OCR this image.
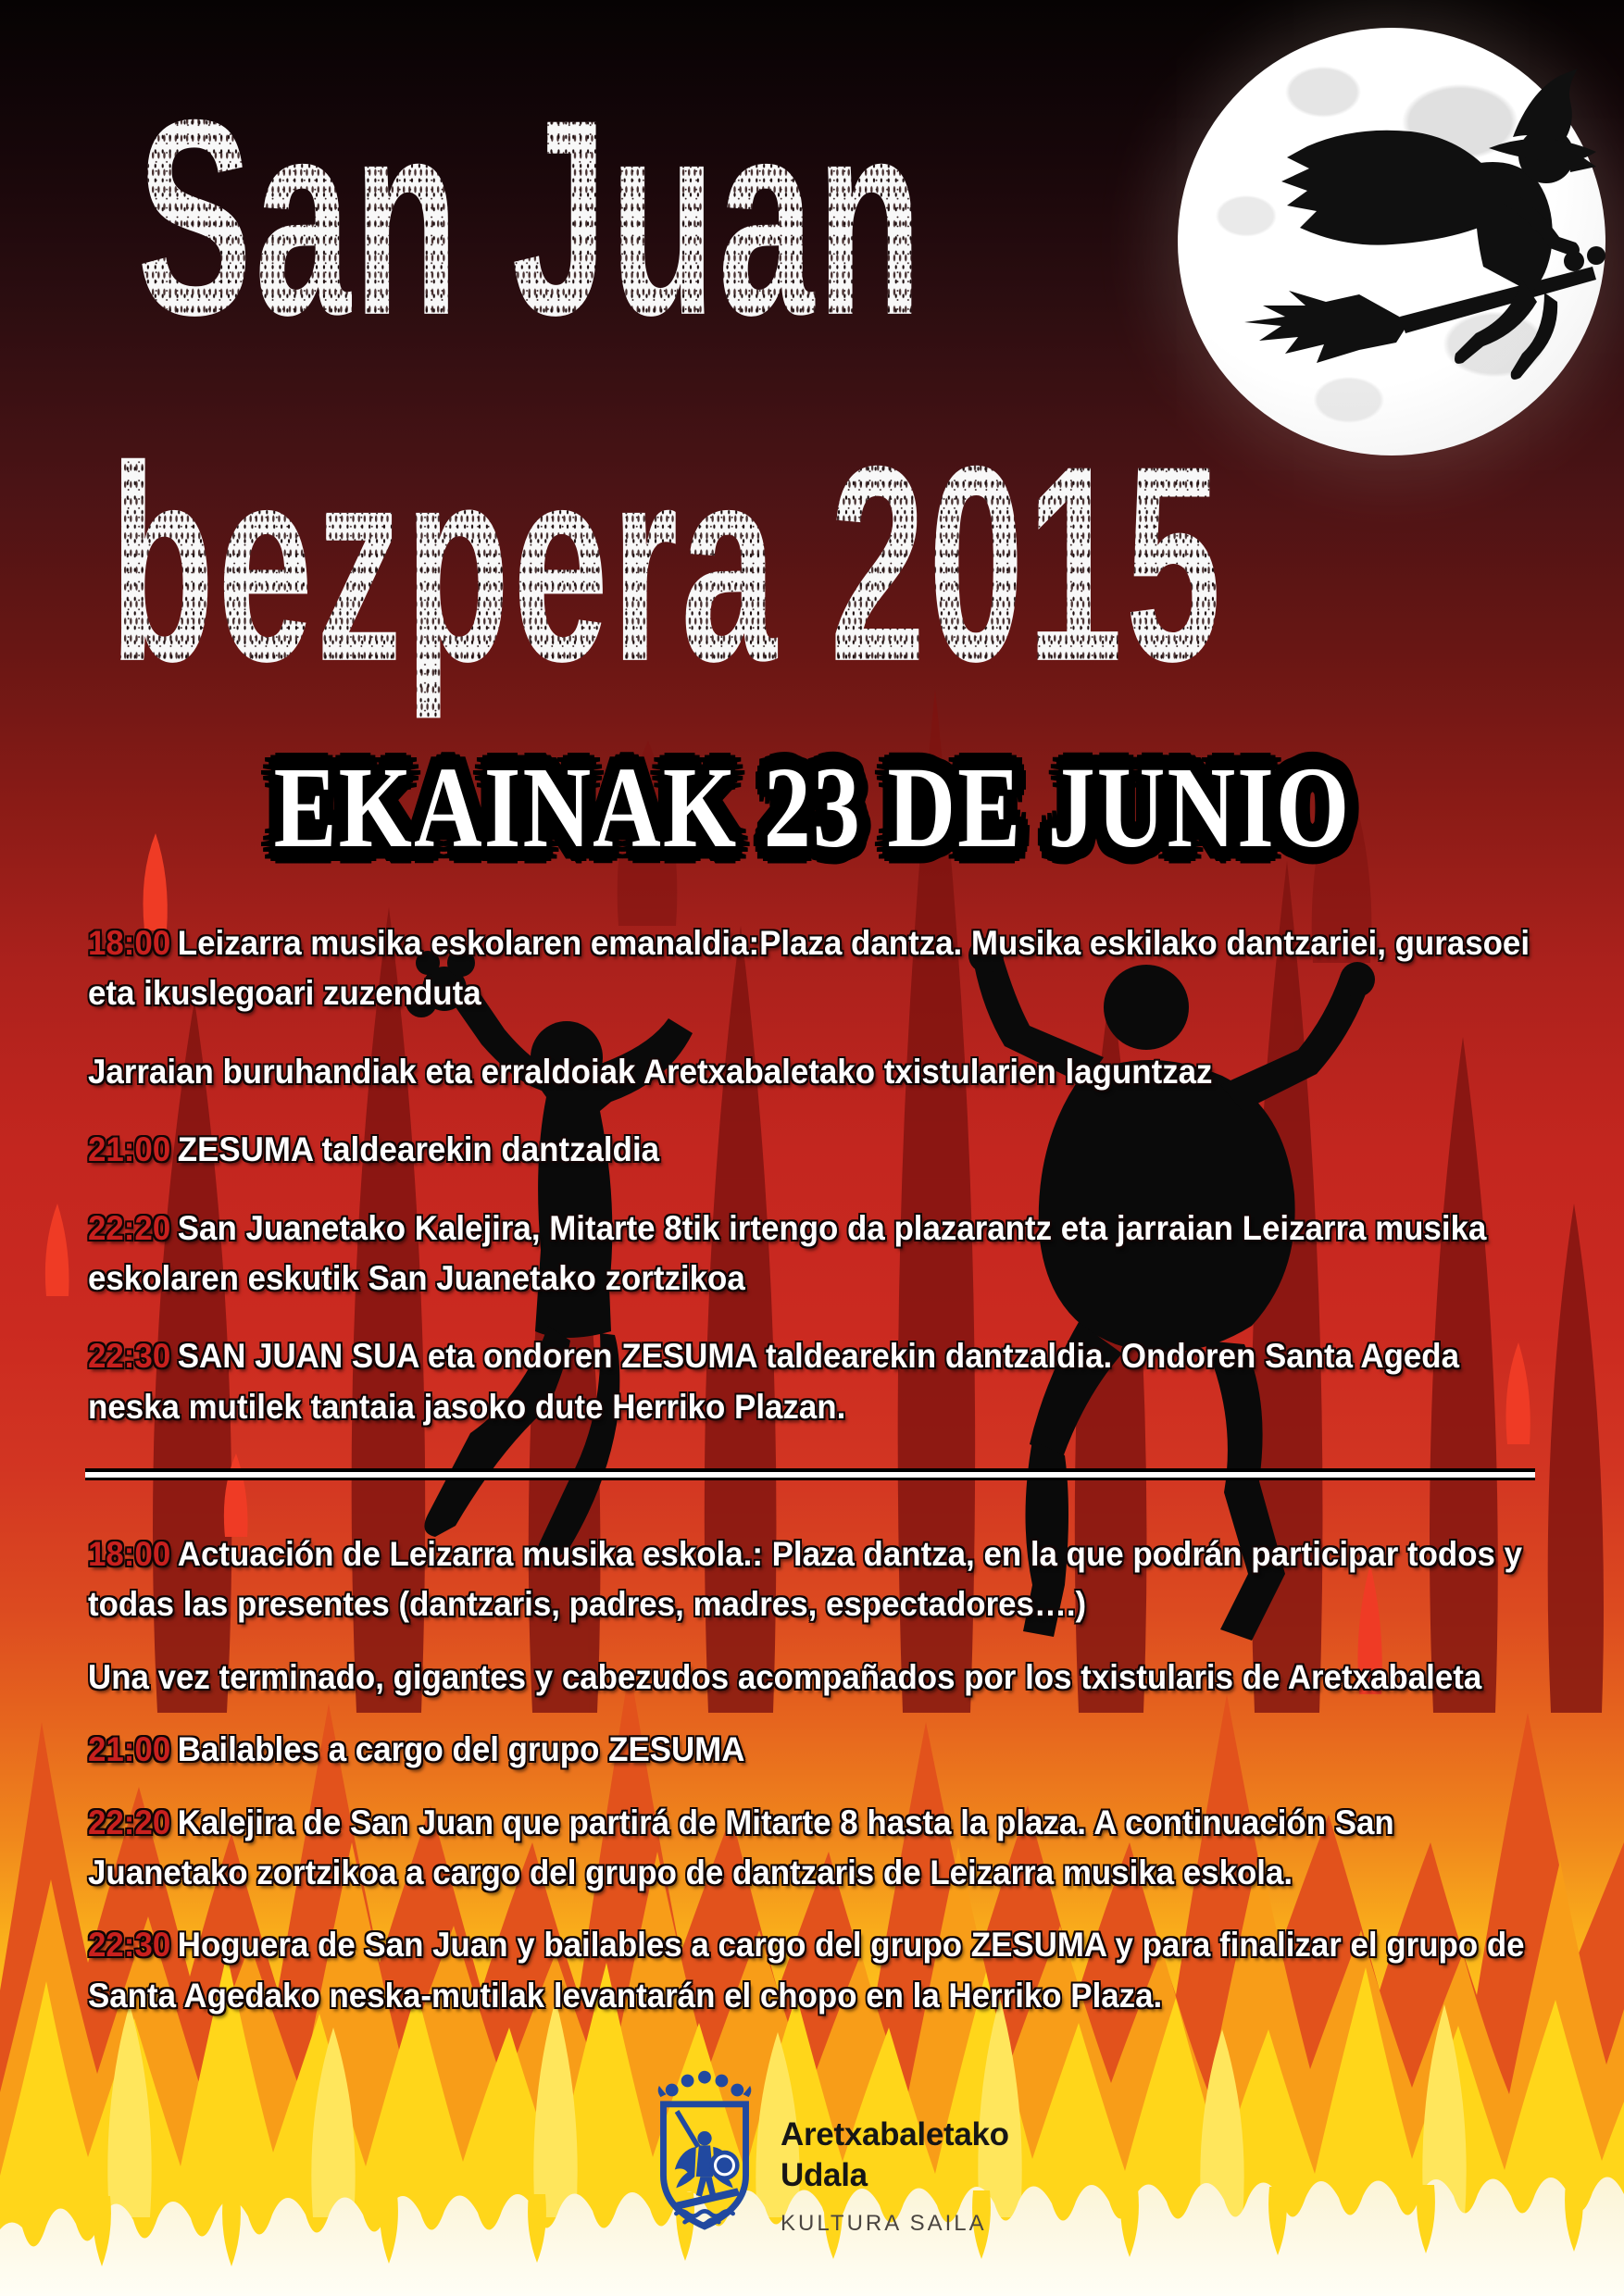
San Juan
bezpera 2015
EKAINAK 23 DE JUNIO

18:00 Leizarra musika eskolaren emanaldia:Plaza dantza. Musika eskilako dantzariei, gurasoei eta ikuslegoari zuzenduta

Jarraian buruhandiak eta erraldoiak Aretxabaletako txistularien laguntzaz

21:00 ZESUMA taldearekin dantzaldia

22:20 San Juanetako Kalejira, Mitarte 8tik irtengo da plazarantz eta jarraian Leizarra musika eskolaren eskutik San Juanetako zortzikoa

22:30 SAN JUAN SUA eta ondoren ZESUMA taldearekin dantzaldia. Ondoren Santa Ageda neska mutilek tantaia jasoko dute Herriko Plazan.

18:00 Actuación de Leizarra musika eskola.: Plaza dantza, en la que podrán participar todos y todas las presentes (dantzaris, padres, madres, espectadores….)

Una vez terminado, gigantes y cabezudos acompañados por los txistularis de Aretxabaleta

21:00 Bailables a cargo del grupo ZESUMA

22:20 Kalejira de San Juan que partirá de Mitarte 8 hasta la plaza. A continuación San Juanetako zortzikoa a cargo del grupo de dantzaris de Leizarra musika eskola.

22:30 Hoguera de San Juan y bailables a cargo del grupo ZESUMA y para finalizar el grupo de Santa Agedako neska-mutilak levantarán el chopo en la Herriko Plaza.

Aretxabaletako
Udala
KULTURA SAILA
